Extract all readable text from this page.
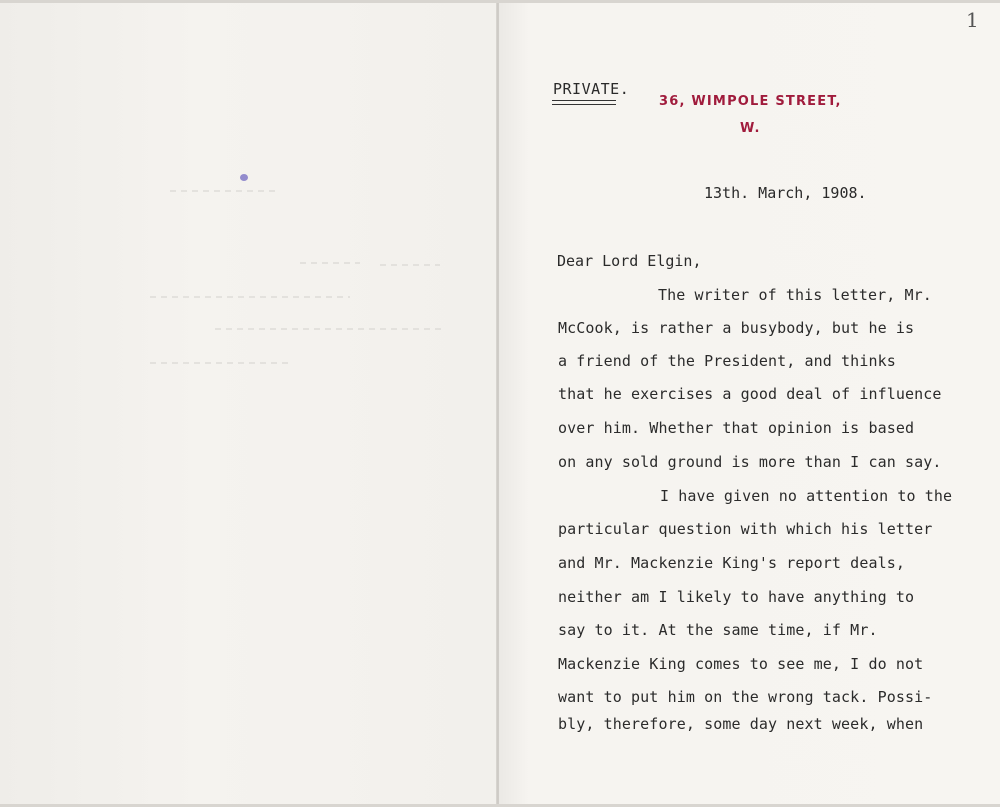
1
PRIVATE.
36, WIMPOLE STREET,
W.
13th. March, 1908.
Dear Lord Elgin,
The writer of this letter, Mr.
McCook, is rather a busybody, but he is
a friend of the President, and thinks
that he exercises a good deal of influence
over him. Whether that opinion is based
on any sold ground is more than I can say.
I have given no attention to the
particular question with which his letter
and Mr. Mackenzie King's report deals,
neither am I likely to have anything to
say to it. At the same time, if Mr.
Mackenzie King comes to see me, I do not
want to put him on the wrong tack. Possi-
bly, therefore, some day next week, when
